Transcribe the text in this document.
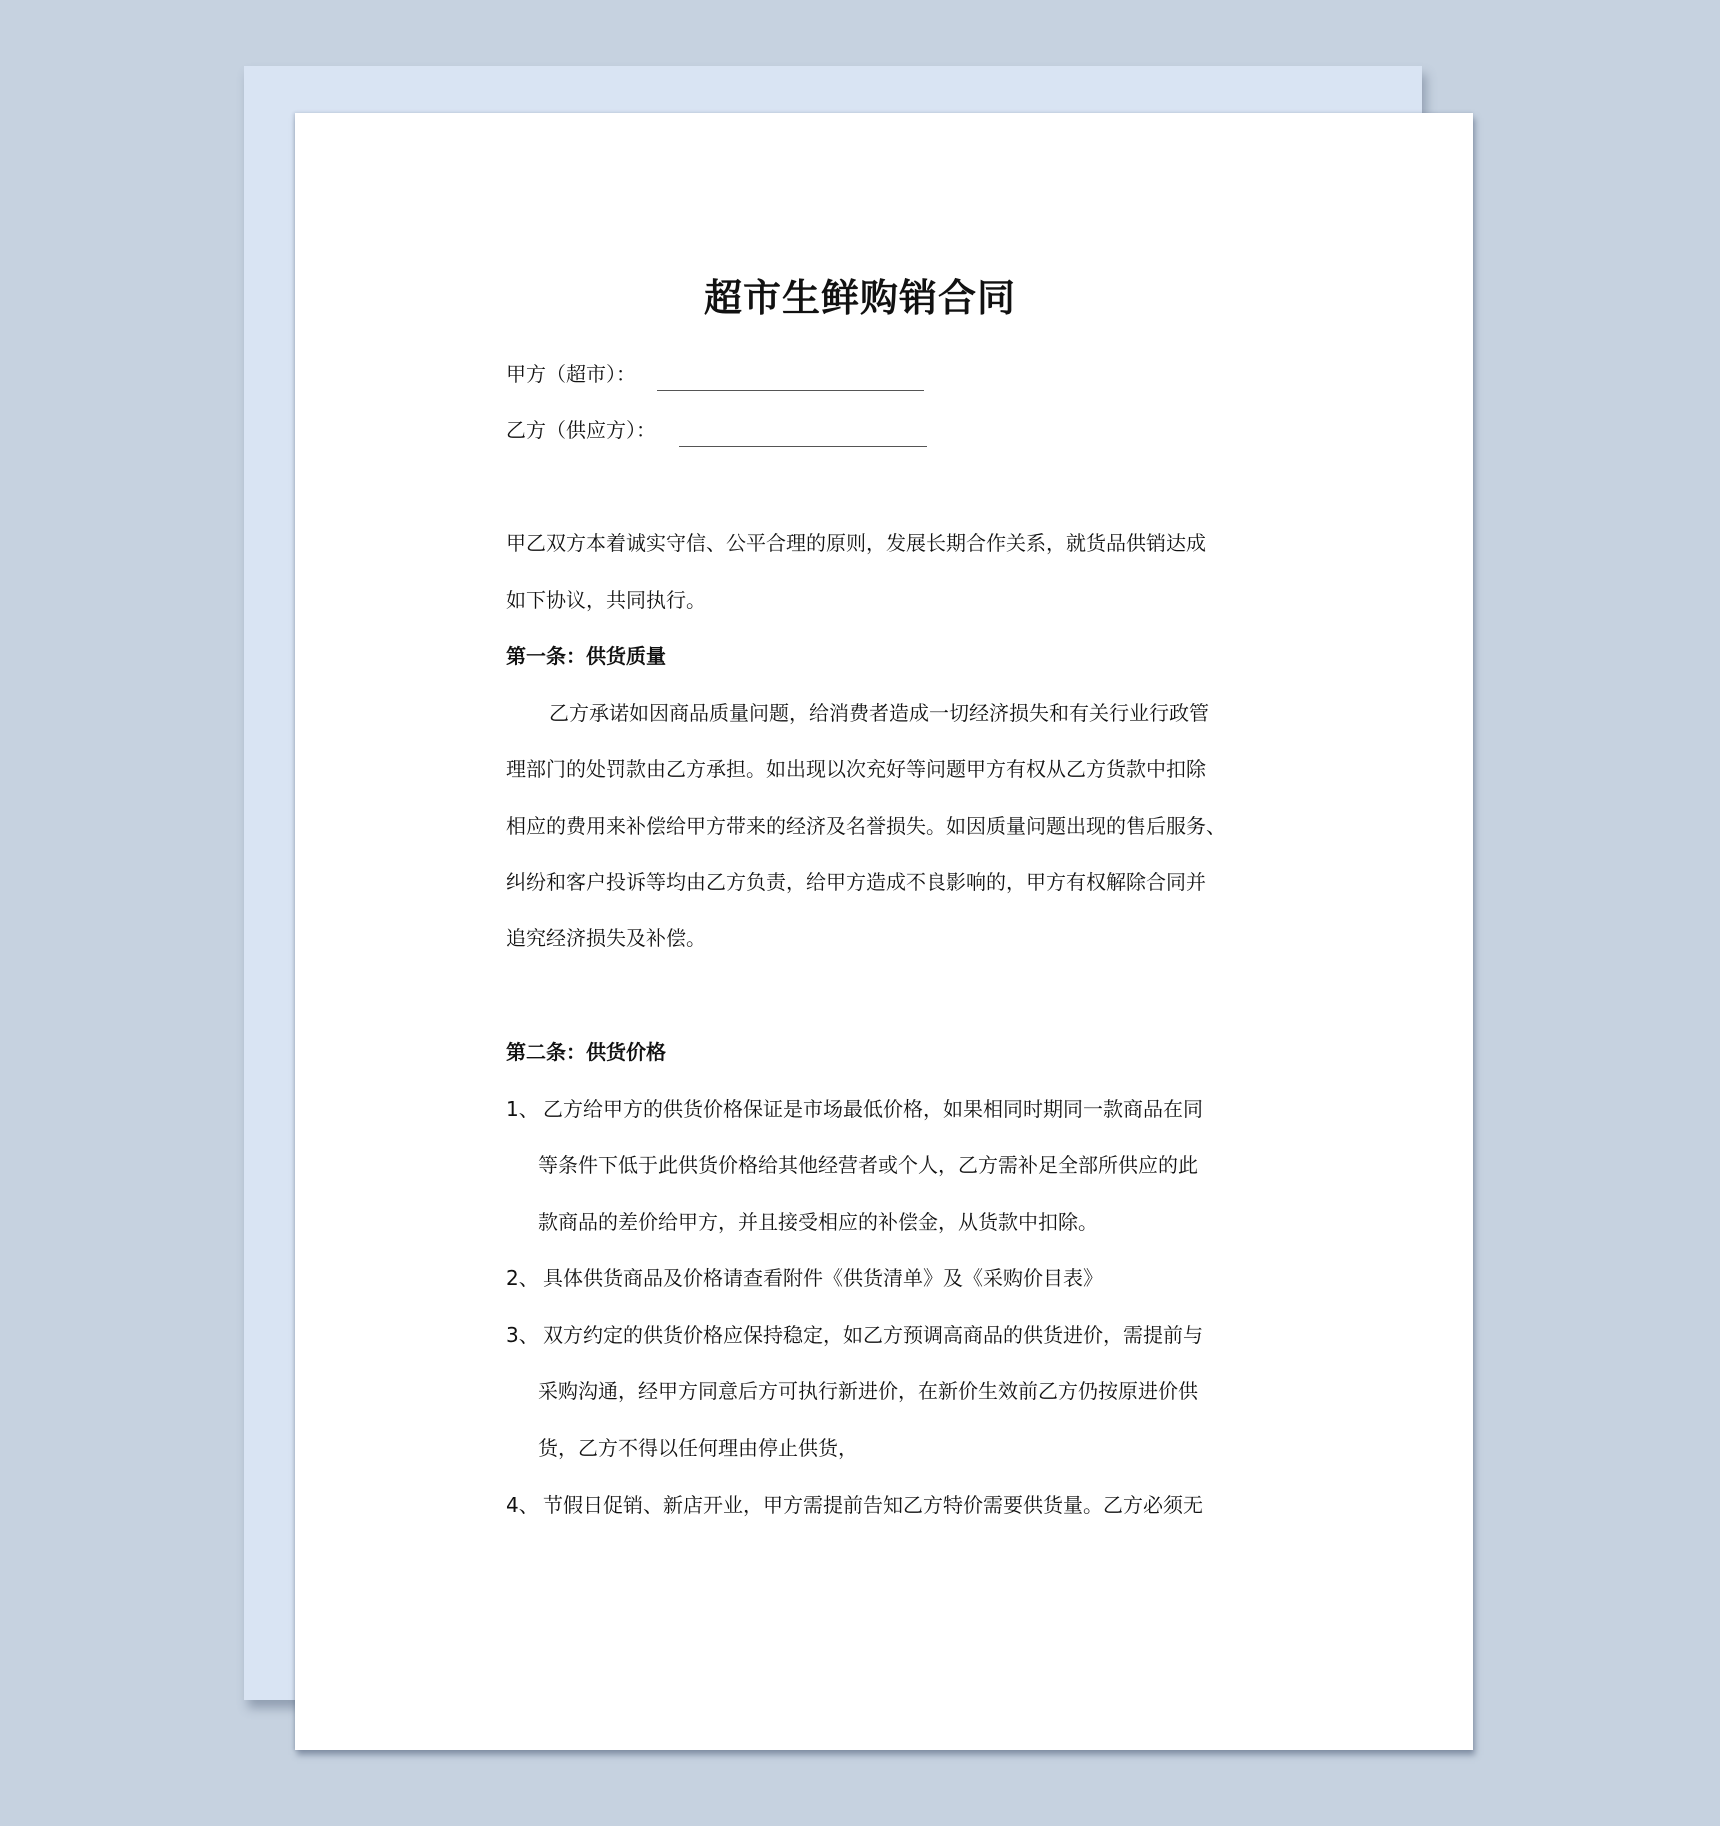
超市生鲜购销合同
甲方（超市）：
乙方（供应方）：
甲乙双方本着诚实守信、公平合理的原则，发展长期合作关系，就货品供销达成
如下协议，共同执行。
第一条：供货质量
乙方承诺如因商品质量问题，给消费者造成一切经济损失和有关行业行政管
理部门的处罚款由乙方承担。如出现以次充好等问题甲方有权从乙方货款中扣除
相应的费用来补偿给甲方带来的经济及名誉损失。如因质量问题出现的售后服务、
纠纷和客户投诉等均由乙方负责，给甲方造成不良影响的，甲方有权解除合同并
追究经济损失及补偿。
第二条：供货价格
1、 乙方给甲方的供货价格保证是市场最低价格，如果相同时期同一款商品在同
等条件下低于此供货价格给其他经营者或个人，乙方需补足全部所供应的此
款商品的差价给甲方，并且接受相应的补偿金，从货款中扣除。
2、 具体供货商品及价格请查看附件《供货清单》及《采购价目表》
3、 双方约定的供货价格应保持稳定，如乙方预调高商品的供货进价，需提前与
采购沟通，经甲方同意后方可执行新进价，在新价生效前乙方仍按原进价供
货，乙方不得以任何理由停止供货，
4、 节假日促销、新店开业，甲方需提前告知乙方特价需要供货量。乙方必须无
